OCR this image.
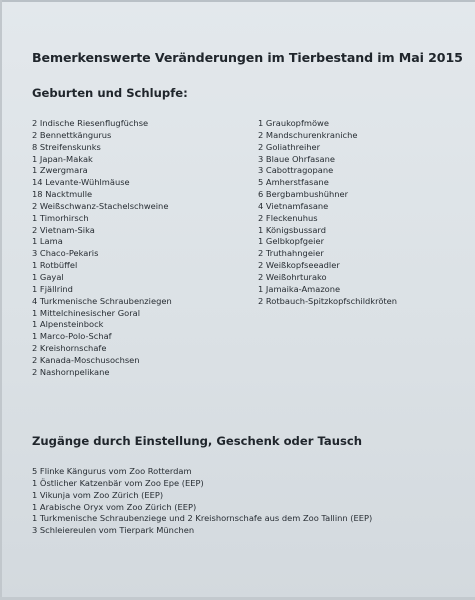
Bemerkenswerte Veränderungen im Tierbestand im Mai 2015
Geburten und Schlupfe:
2 Indische Riesenflugfüchse
2 Bennettkängurus
8 Streifenskunks
1 Japan-Makak
1 Zwergmara
14 Levante-Wühlmäuse
18 Nacktmulle
2 Weißschwanz-Stachelschweine
1 Timorhirsch
2 Vietnam-Sika
1 Lama
3 Chaco-Pekaris
1 Rotbüffel
1 Gayal
1 Fjällrind
4 Turkmenische Schraubenziegen
1 Mittelchinesischer Goral
1 Alpensteinbock
1 Marco-Polo-Schaf
2 Kreishornschafe
2 Kanada-Moschusochsen
2 Nashornpelikane
1 Graukopfmöwe
2 Mandschurenkraniche
2 Goliathreiher
3 Blaue Ohrfasane
3 Cabottragopane
5 Amherstfasane
6 Bergbambushühner
4 Vietnamfasane
2 Fleckenuhus
1 Königsbussard
1 Gelbkopfgeier
2 Truthahngeier
2 Weißkopfseeadler
2 Weißohrturako
1 Jamaika-Amazone
2 Rotbauch-Spitzkopfschildkröten
Zugänge durch Einstellung, Geschenk oder Tausch
5 Flinke Kängurus vom Zoo Rotterdam
1 Östlicher Katzenbär vom Zoo Epe (EEP)
1 Vikunja vom Zoo Zürich (EEP)
1 Arabische Oryx vom Zoo Zürich (EEP)
1 Turkmenische Schraubenziege und 2 Kreishornschafe aus dem Zoo Tallinn (EEP)
3 Schleiereulen vom Tierpark München
